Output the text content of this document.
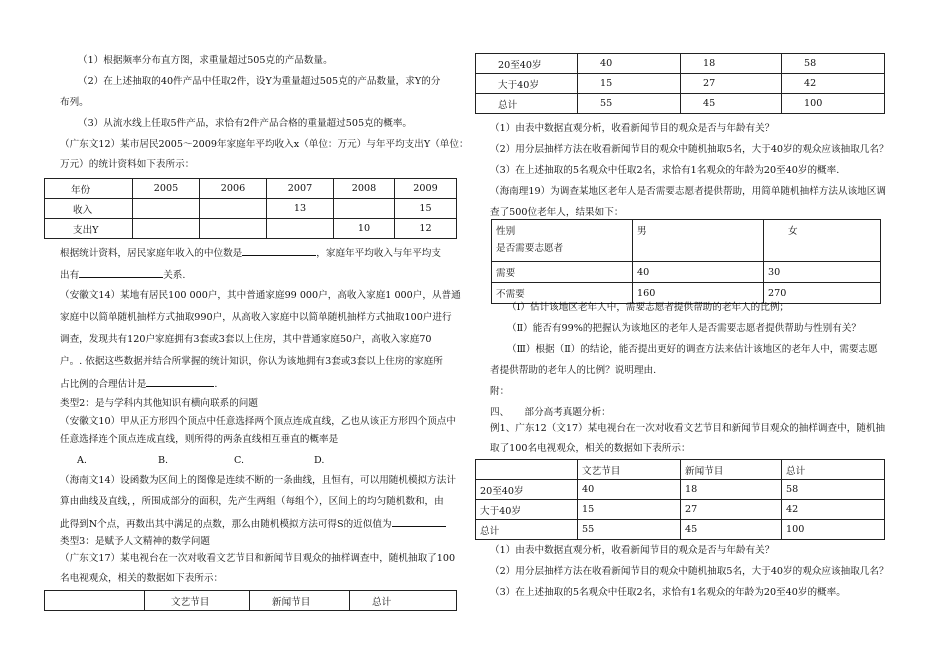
（1）根据频率分布直方图，求重量超过505克的产品数量。
（2）在上述抽取的40件产品中任取2件，设Y为重量超过505克的产品数量，求Y的分
布列。
（3）从流水线上任取5件产品，求恰有2件产品合格的重量超过505克的概率。
（广东文12）某市居民2005～2009年家庭年平均收入x（单位：万元）与年平均支出Y（单位：
万元）的统计资料如下表所示：
年份	2005	2006	2007	2008	2009
收入			13		15
支出Y				10	12
根据统计资料，居民家庭年收入的中位数是	，家庭年平均收入与年平均支
出有	关系.
（安徽文14）某地有居民100 000户，其中普通家庭99 000户，高收入家庭1 000户，从普通
家庭中以简单随机抽样方式抽取990户，从高收入家庭中以简单随机抽样方式抽取100户进行
调查，发现共有120户家庭拥有3套或3套以上住房，其中普通家庭50户，高收入家庭70
户。. 依据这些数据并结合所掌握的统计知识，你认为该地拥有3套或3套以上住房的家庭所
占比例的合理估计是	.
类型2：是与学科内其他知识有横向联系的问题
（安徽文10）甲从正方形四个顶点中任意选择两个顶点连成直线，乙也从该正方形四个顶点中
任意选择连个顶点连成直线，则所得的两条直线相互垂直的概率是
A.	B.	C.	D.
（海南文14）设函数为区间上的图像是连续不断的一条曲线，且恒有，可以用随机模拟方法计
算由曲线及直线，，所围成部分的面积，先产生两组（每组个），区间上的均匀随机数和，由
此得到N个点，再数出其中满足的点数，那么由随机模拟方法可得S的近似值为
类型3：是赋予人文精神的数学问题
（广东文17）某电视台在一次对收看文艺节目和新闻节目观众的抽样调查中，随机抽取了100
名电视观众，相关的数据如下表所示：
	文艺节目	新闻节目	总计
20至40岁	40	18	58
大于40岁	15	27	42
总计	55	45	100
（1）由表中数据直观分析，收看新闻节目的观众是否与年龄有关？
（2）用分层抽样方法在收看新闻节目的观众中随机抽取5名，大于40岁的观众应该抽取几名？
（3）在上述抽取的5名观众中任取2名，求恰有1名观众的年龄为20至40岁的概率.
（海南理19）为调查某地区老年人是否需要志愿者提供帮助，用简单随机抽样方法从该地区调
查了500位老年人，结果如下：
性别
是否需要志愿者	男	女
需要	40	30
不需要	160	270
（Ⅰ）估计该地区老年人中，需要志愿者提供帮助的老年人的比例；
（Ⅱ）能否有99%的把握认为该地区的老年人是否需要志愿者提供帮助与性别有关？
（Ⅲ）根据（Ⅱ）的结论，能否提出更好的调查方法来估计该地区的老年人中，需要志愿
者提供帮助的老年人的比例？说明理由.
附：
四、     部分高考真题分析：
例1、广东12（文17）某电视台在一次对收看文艺节目和新闻节目观众的抽样调查中，随机抽
取了100名电视观众，相关的数据如下表所示：
	文艺节目	新闻节目	总计
20至40岁	40	18	58
大于40岁	15	27	42
总计	55	45	100
（1）由表中数据直观分析，收看新闻节目的观众是否与年龄有关？
（2）用分层抽样方法在收看新闻节目的观众中随机抽取5名，大于40岁的观众应该抽取几名？
（3）在上述抽取的5名观众中任取2名，求恰有1名观众的年龄为20至40岁的概率。
